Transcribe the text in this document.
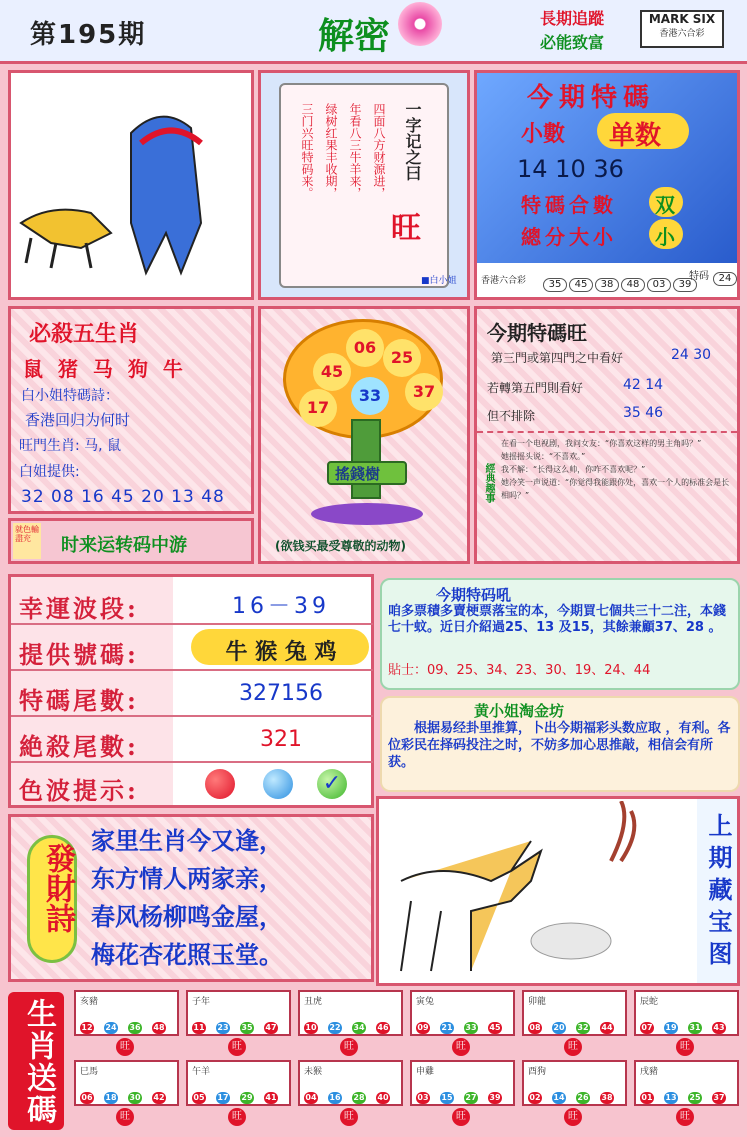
第195期	解密	長期追蹤
必能致富
MARK SIX
香港六合彩
三门兴旺特码来。 绿树红果丰收期， 年看八三牛羊来， 四面八方财源进， 一字记之曰
旺
■白小姐
今期特碼
小數 单数
14 10 36
特碼合數 双
總分大小 小
香港六合彩	35 45 38 48 03 39
特码 24
必殺五生肖
鼠 猪 马 狗 牛
白小姐特碼詩：
香港回归为何时
旺門生肖: 马, 鼠
白姐提供:
32 08 16 45 20 13 48
就色輸盡充	时来运转码中游
06
25
45
33	37
17
搖錢樹
(欲钱买最受尊敬的动物)
今期特碼旺
第三門或第四門之中看好	24 30
若轉第五門則看好	42 14
但不排除	35 46
經典趣事
在看一个电视剧，我问女友：“你喜欢这样的男主角吗？”
她摇摇头说：“不喜欢。”
我不解：“长得这么帅，你咋不喜欢呢？”
她冷笑一声说道：“你觉得我能跟你处，喜欢一个人的标准会是长相吗？”
幸運波段:	16－39
提供號碼:	牛 猴 兔 鸡
特碼尾數:	327156
絶殺尾數:	321
色波提示:	✓
今期特码吼
咱多票積多賣梗票落宝的本，今期買七個共三十二注，本錢七十蚊。近日介紹過25、13 及15，其餘兼顧37、28 。
貼士：09、25、34、23、30、19、24、44
黄小姐淘金坊
根据易经卦里推算，卜出今期福彩头数应取 ，有利。各位彩民在择码投注之时，不妨多加心思推敲，相信会有所获。
發財詩
家里生肖今又逢，
东方情人两家亲，
春风杨柳鸣金屋，
梅花杏花照玉堂。	上期藏宝图
生肖送碼	亥豬
12 24 36 48
旺
子年
11 23 35 47
旺
丑虎
10 22 34 46
旺
寅兔
09 21 33 45
旺
卯龍
08 20 32 44
旺
辰蛇
07 19 31 43
旺
巳馬
06 18 30 42
旺
午羊
05 17 29 41
旺
未猴
04 16 28 40
旺
申雞
03 15 27 39
旺
酉狗
02 14 26 38
旺
戌豬
01 13 25 37
旺
